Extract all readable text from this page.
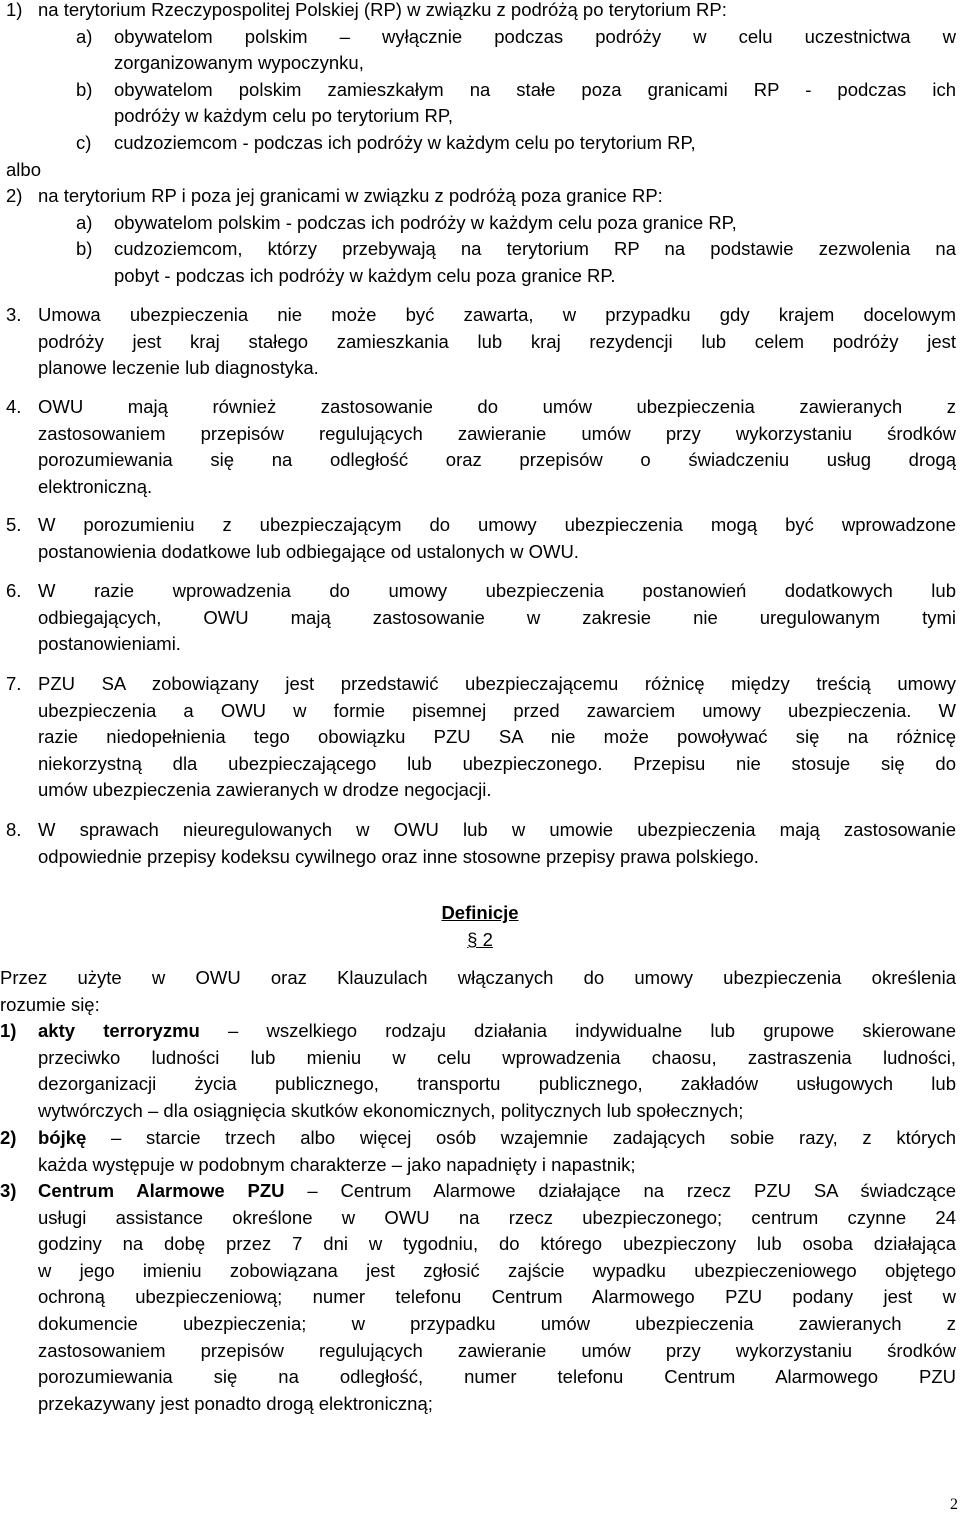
1) na terytorium Rzeczypospolitej Polskiej (RP) w związku z podróżą po terytorium RP:
a)	obywatelom polskim – wyłącznie podczas podróży w celu uczestnictwa w
zorganizowanym wypoczynku,
b)	obywatelom polskim zamieszkałym na stałe poza granicami RP - podczas ich
podróży w każdym celu po terytorium RP,
c)	cudzoziemcom - podczas ich podróży w każdym celu po terytorium RP,
albo
2) na terytorium RP i poza jej granicami w związku z podróżą poza granice RP:
a)	obywatelom polskim - podczas ich podróży w każdym celu poza granice RP,
b)	cudzoziemcom, którzy przebywają na terytorium RP na podstawie zezwolenia na
pobyt - podczas ich podróży w każdym celu poza granice RP.
3. Umowa ubezpieczenia nie może być zawarta, w przypadku gdy krajem docelowym
podróży jest kraj stałego zamieszkania lub kraj rezydencji lub celem podróży jest
planowe leczenie lub diagnostyka.
4. OWU mają również zastosowanie do umów ubezpieczenia zawieranych z
zastosowaniem przepisów regulujących zawieranie umów przy wykorzystaniu środków
porozumiewania się na odległość oraz przepisów o świadczeniu usług drogą
elektroniczną.
5. W porozumieniu z ubezpieczającym do umowy ubezpieczenia mogą być wprowadzone
postanowienia dodatkowe lub odbiegające od ustalonych w OWU.
6. W razie wprowadzenia do umowy ubezpieczenia postanowień dodatkowych lub
odbiegających, OWU mają zastosowanie w zakresie nie uregulowanym tymi
postanowieniami.
7. PZU SA zobowiązany jest przedstawić ubezpieczającemu różnicę między treścią umowy
ubezpieczenia a OWU w formie pisemnej przed zawarciem umowy ubezpieczenia. W
razie niedopełnienia tego obowiązku PZU SA nie może powoływać się na różnicę
niekorzystną dla ubezpieczającego lub ubezpieczonego. Przepisu nie stosuje się do
umów ubezpieczenia zawieranych w drodze negocjacji.
8. W sprawach nieuregulowanych w OWU lub w umowie ubezpieczenia mają zastosowanie
odpowiednie przepisy kodeksu cywilnego oraz inne stosowne przepisy prawa polskiego.
Definicje
§ 2
Przez użyte w OWU oraz Klauzulach włączanych do umowy ubezpieczenia określenia
rozumie się:
1)	akty terroryzmu – wszelkiego rodzaju działania indywidualne lub grupowe skierowane
przeciwko ludności lub mieniu w celu wprowadzenia chaosu, zastraszenia ludności,
dezorganizacji życia publicznego, transportu publicznego, zakładów usługowych lub
wytwórczych – dla osiągnięcia skutków ekonomicznych, politycznych lub społecznych;
2)	bójkę – starcie trzech albo więcej osób wzajemnie zadających sobie razy, z których
każda występuje w podobnym charakterze – jako napadnięty i napastnik;
3)	Centrum Alarmowe PZU – Centrum Alarmowe działające na rzecz PZU SA świadczące
usługi assistance określone w OWU na rzecz ubezpieczonego; centrum czynne 24
godziny na dobę przez 7 dni w tygodniu, do którego ubezpieczony lub osoba działająca
w jego imieniu zobowiązana jest zgłosić zajście wypadku ubezpieczeniowego objętego
ochroną ubezpieczeniową; numer telefonu Centrum Alarmowego PZU podany jest w
dokumencie ubezpieczenia; w przypadku umów ubezpieczenia zawieranych z
zastosowaniem przepisów regulujących zawieranie umów przy wykorzystaniu środków
porozumiewania się na odległość, numer telefonu Centrum Alarmowego PZU
przekazywany jest ponadto drogą elektroniczną;
2
